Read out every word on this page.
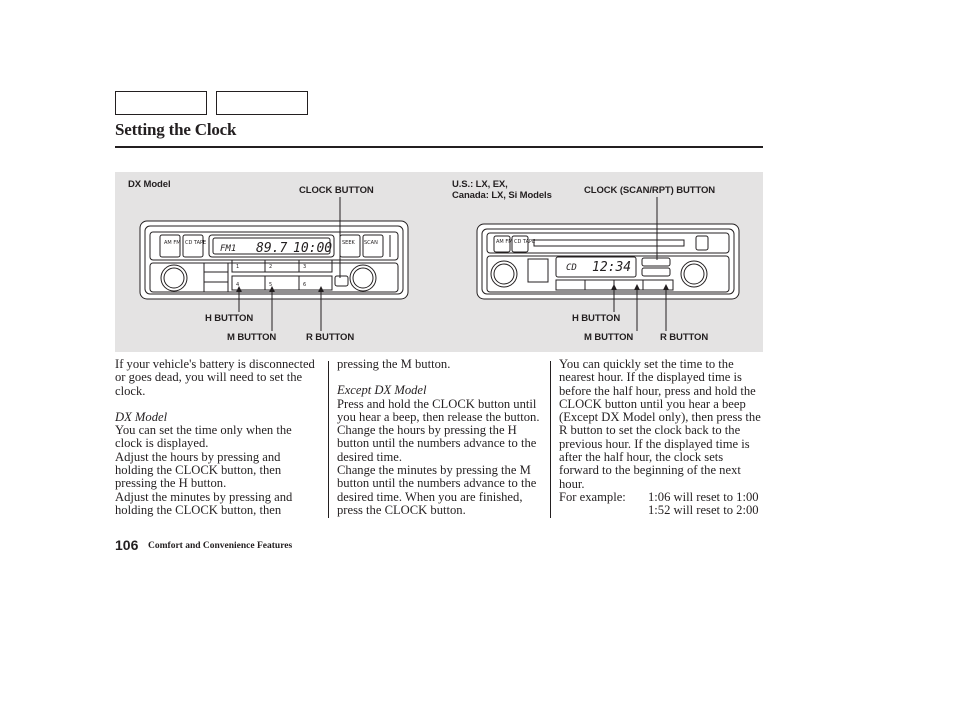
Setting the Clock
DX Model
CLOCK BUTTON
U.S.: LX, EX,
Canada: LX, Si Models	CLOCK (SCAN/RPT) BUTTON
H BUTTON
M BUTTON	R BUTTON
H BUTTON
M BUTTON	R BUTTON
FM1 89.7 10:00
CD 12:34
AM FM CD TAPE	SEEK SCAN	AM FM CD TAPE
1	2	3
4	5	6

If your vehicle's battery is disconnected or goes dead, you will need to set the clock.

DX Model

You can set the time only when the clock is displayed.

Adjust the hours by pressing and holding the CLOCK button, then pressing the H button.

Adjust the minutes by pressing and holding the CLOCK button, then

pressing the M button.

Except DX Model

Press and hold the CLOCK button until you hear a beep, then release the button. Change the hours by pressing the H button until the numbers advance to the desired time.

Change the minutes by pressing the M button until the numbers advance to the desired time. When you are finished, press the CLOCK button.

You can quickly set the time to the nearest hour. If the displayed time is before the half hour, press and hold the CLOCK button until you hear a beep (Except DX Model only), then press the R button to set the clock back to the previous hour. If the displayed time is after the half hour, the clock sets forward to the beginning of the next hour.

For example:	1:06 will reset to 1:00
1:52 will reset to 2:00
106 Comfort and Convenience Features
